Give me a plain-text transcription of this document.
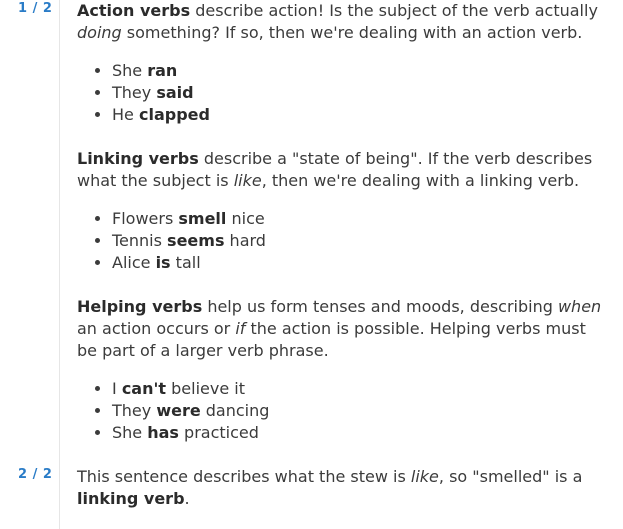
1 / 2
2 / 2

Action verbs describe action! Is the subject of the verb actually doing something? If so, then we're dealing with an action verb.

• She ran
• They said
• He clapped

Linking verbs describe a "state of being". If the verb describes what the subject is like, then we're dealing with a linking verb.

• Flowers smell nice
• Tennis seems hard
• Alice is tall

Helping verbs help us form tenses and moods, describing when an action occurs or if the action is possible. Helping verbs must be part of a larger verb phrase.

• I can't believe it
• They were dancing
• She has practiced

This sentence describes what the stew is like, so "smelled" is a linking verb.
